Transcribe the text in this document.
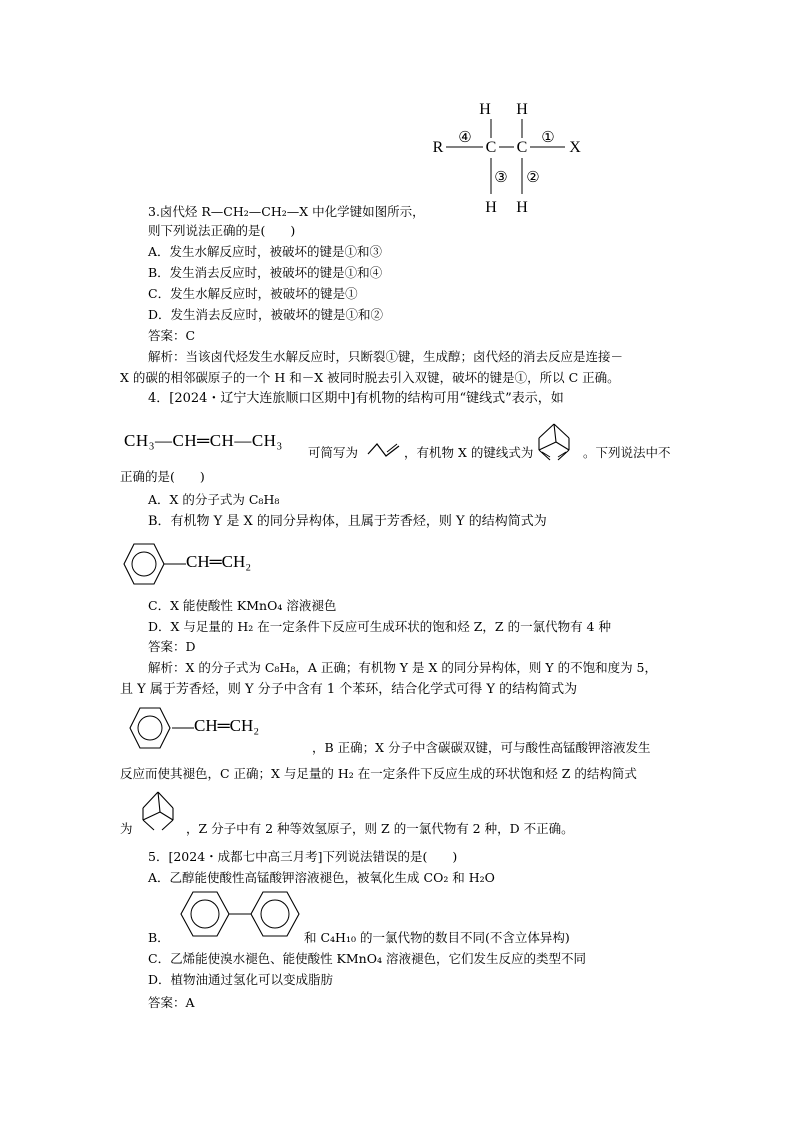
H H
R	C C	X
④	①
③ ②
H H
3.卤代烃 R—CH₂—CH₂—X 中化学键如图所示，
则下列说法正确的是(　　)
A．发生水解反应时，被破坏的键是①和③
B．发生消去反应时，被破坏的键是①和④
C．发生水解反应时，被破坏的键是①
D．发生消去反应时，被破坏的键是①和②
答案：C
解析：当该卤代烃发生水解反应时，只断裂①键，生成醇；卤代烃的消去反应是连接－
X 的碳的相邻碳原子的一个 H 和－X 被同时脱去引入双键，破坏的键是①，所以 C 正确。
4．[2024・辽宁大连旅顺口区期中]有机物的结构可用“键线式”表示，如
CH₃—CH═CH—CH₃
可简写为	，有机物 X 的键线式为	。下列说法中不
正确的是(　　)
A．X 的分子式为 C₈H₈
B．有机物 Y 是 X 的同分异构体，且属于芳香烃，则 Y 的结构简式为
CH═CH₂
C．X 能使酸性 KMnO₄ 溶液褪色
D．X 与足量的 H₂ 在一定条件下反应可生成环状的饱和烃 Z，Z 的一氯代物有 4 种
答案：D
解析：X 的分子式为 C₈H₈，A 正确；有机物 Y 是 X 的同分异构体，则 Y 的不饱和度为 5，
且 Y 属于芳香烃，则 Y 分子中含有 1 个苯环，结合化学式可得 Y 的结构简式为
CH═CH₂
，B 正确；X 分子中含碳碳双键，可与酸性高锰酸钾溶液发生
反应而使其褪色，C 正确；X 与足量的 H₂ 在一定条件下反应生成的环状饱和烃 Z 的结构简式
为	，Z 分子中有 2 种等效氢原子，则 Z 的一氯代物有 2 种，D 不正确。
5．[2024・成都七中高三月考]下列说法错误的是(　　)
A．乙醇能使酸性高锰酸钾溶液褪色，被氧化生成 CO₂ 和 H₂O
B．	和 C₄H₁₀ 的一氯代物的数目不同(不含立体异构)
C．乙烯能使溴水褪色、能使酸性 KMnO₄ 溶液褪色，它们发生反应的类型不同
D．植物油通过氢化可以变成脂肪
答案：A
